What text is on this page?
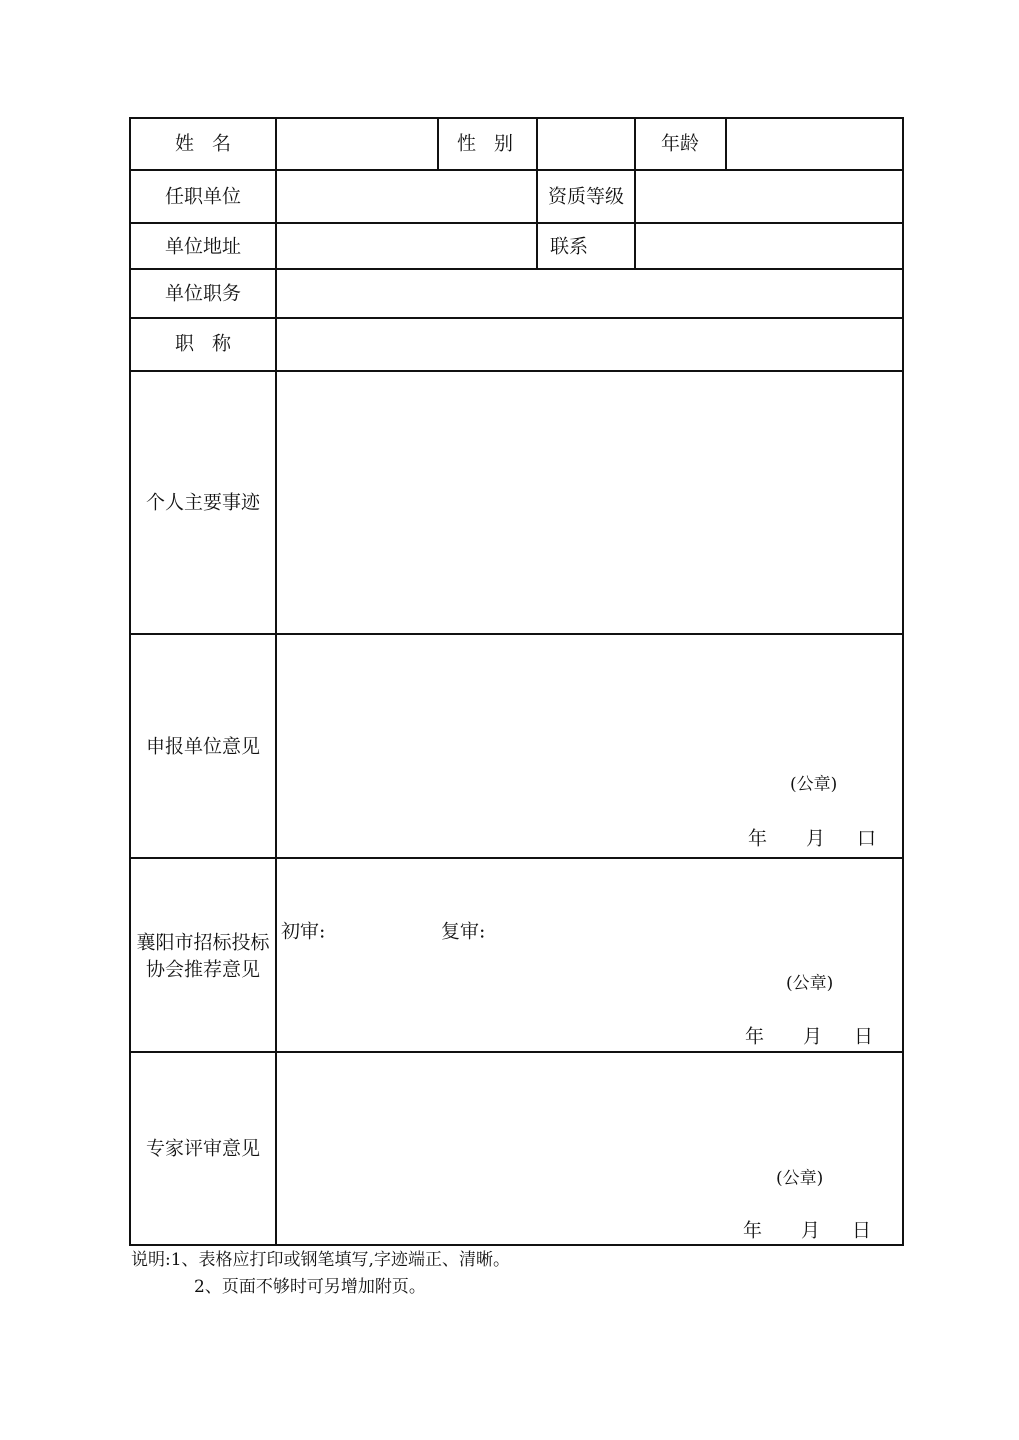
姓名	性别	年龄
任职单位	资质等级
单位地址	联系
单位职务
职称
个人主要事迹
申报单位意见
(公章)
年 月 口
襄阳市招标投标
协会推荐意见
初审:	复审:
(公章)
年 月 日
专家评审意见
(公章)
年 月 日
说明:1、表格应打印或钢笔填写,字迹端正、清晰。
2、页面不够时可另增加附页。
